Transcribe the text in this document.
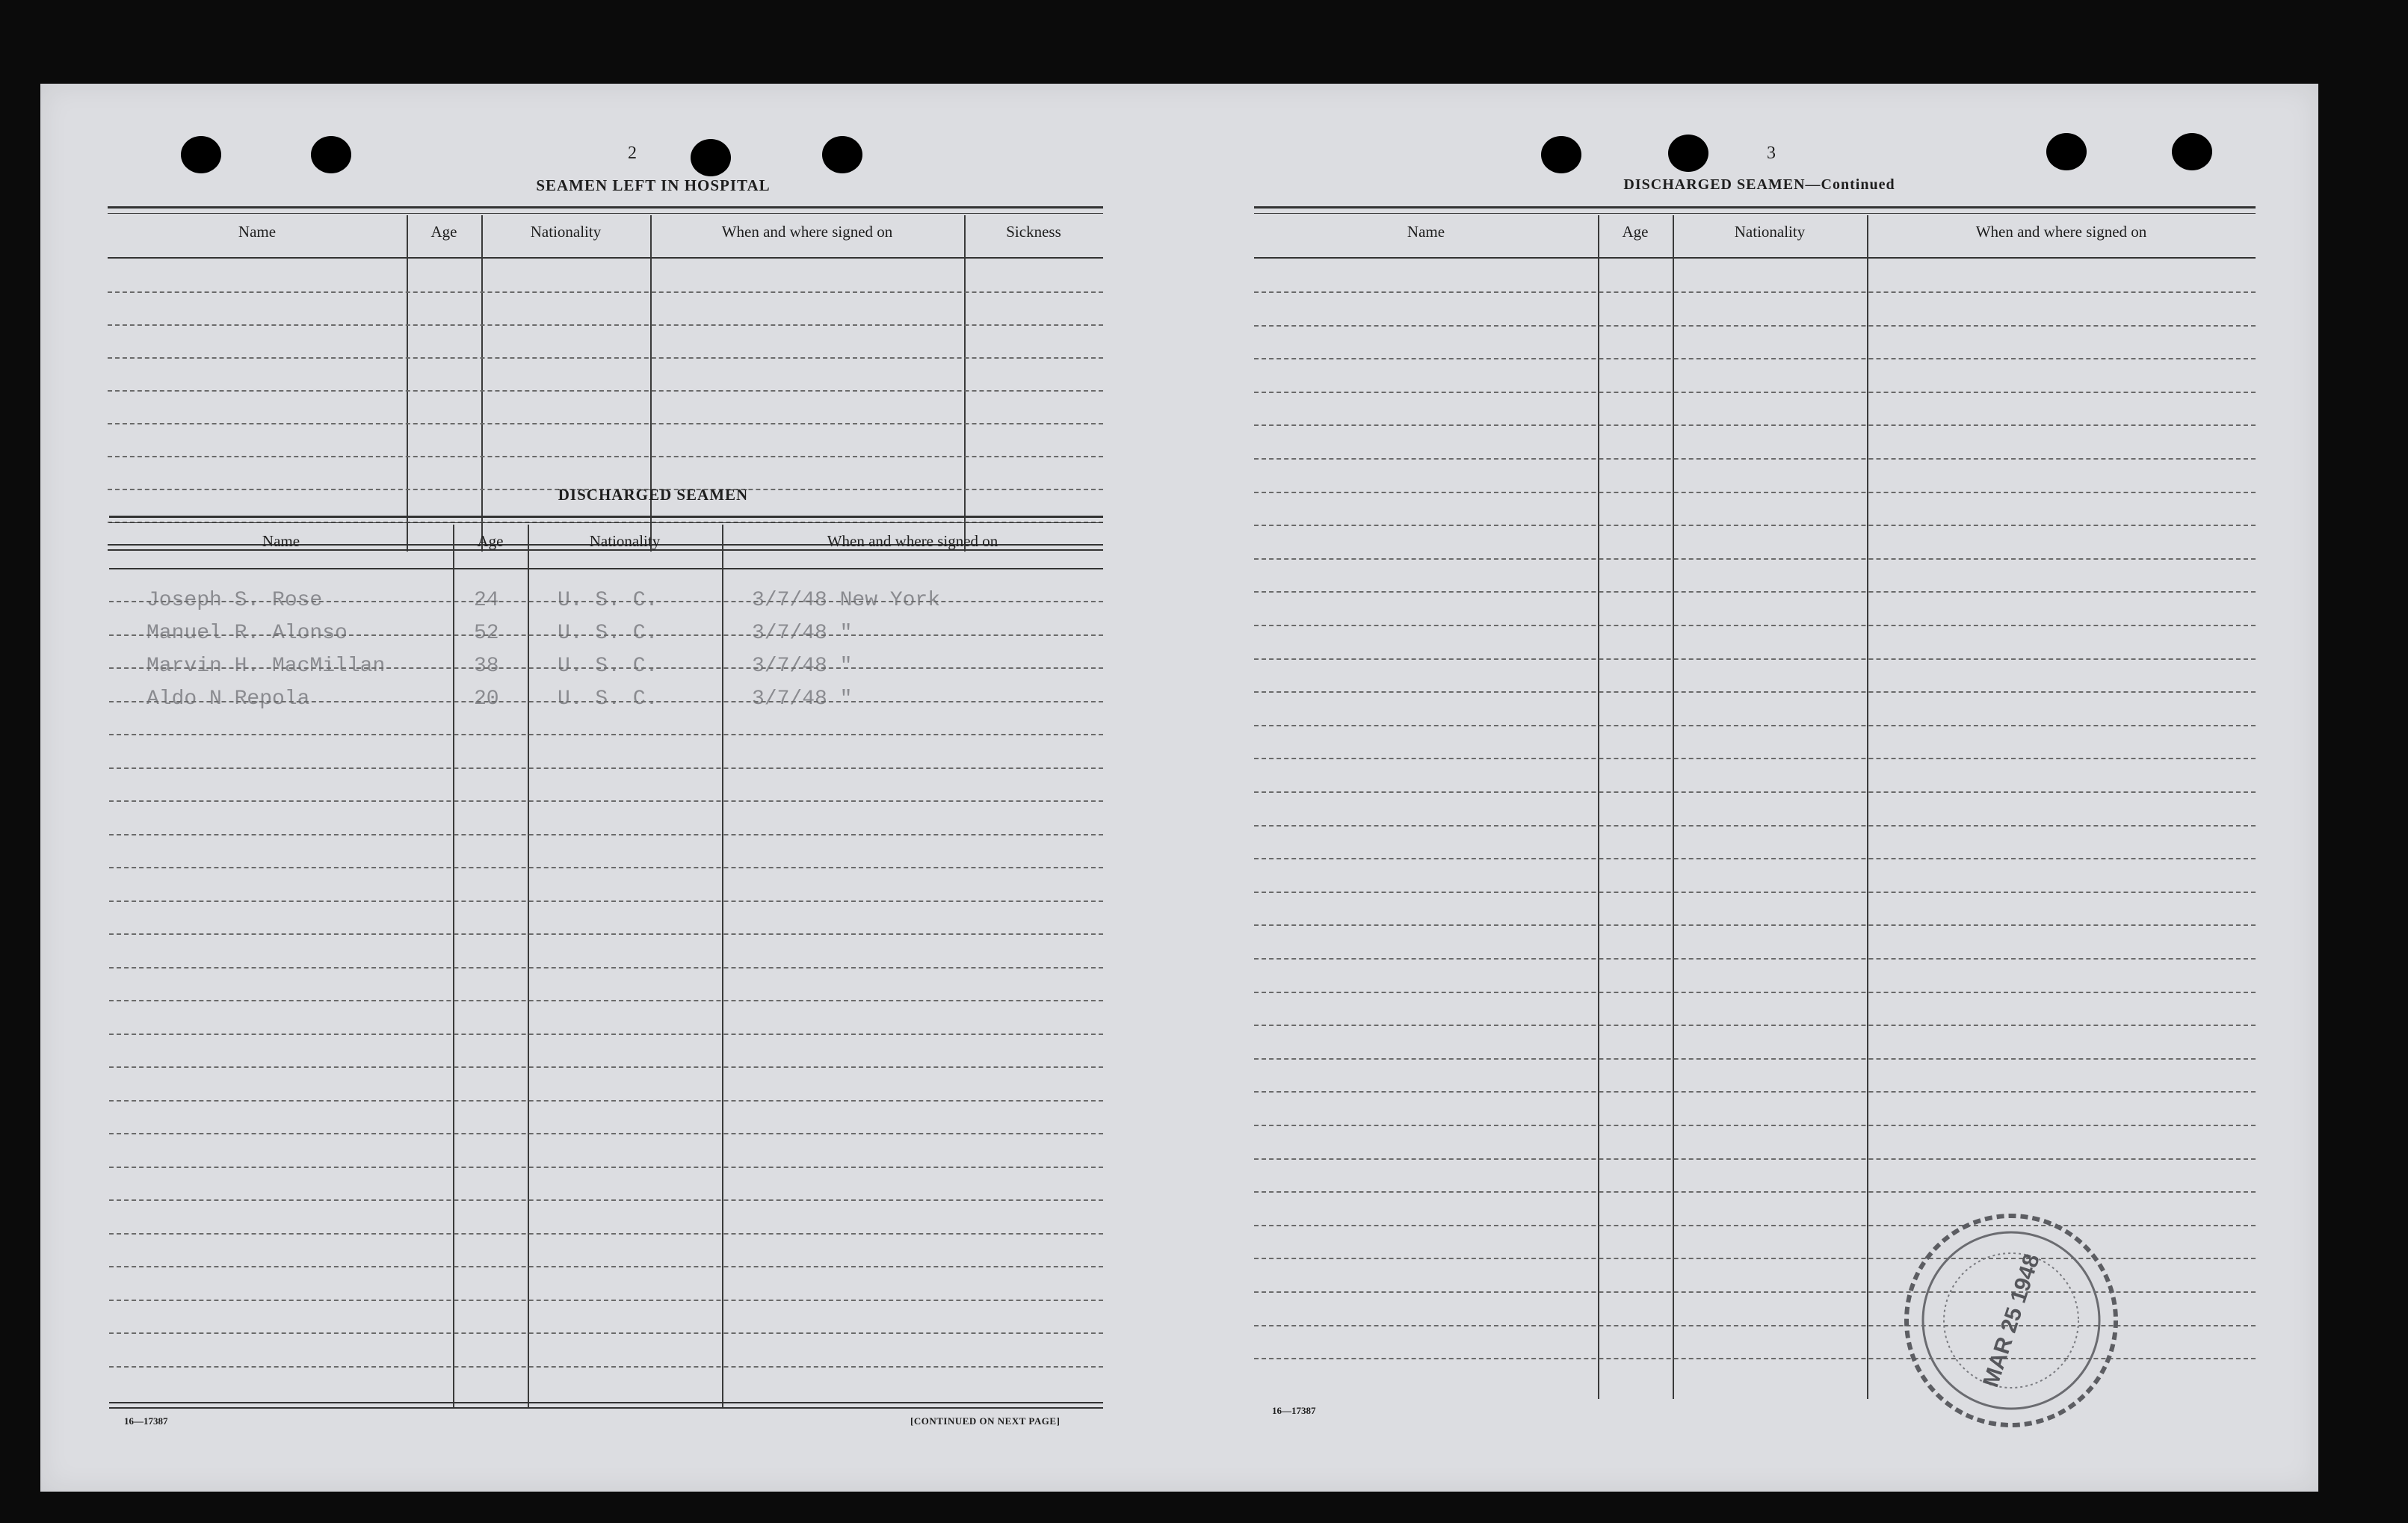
2
SEAMEN LEFT IN HOSPITAL
Name	Age	Nationality	When and where signed on	Sickness
DISCHARGED SEAMEN
Name	Age	Nationality	When and where signed on
Joseph S. Rose	24	U. S. C.	3/7/48 New York
Manuel R. Alonso	52	U. S. C.	3/7/48 "
Marvin H. MacMillan	38	U. S. C.	3/7/48 "
Aldo N Repola	20	U. S. C.	3/7/48 "
16—17387	[CONTINUED ON NEXT PAGE]
3
DISCHARGED SEAMEN—Continued
Name	Age	Nationality	When and where signed on
16—17387
MAR 25 1948
